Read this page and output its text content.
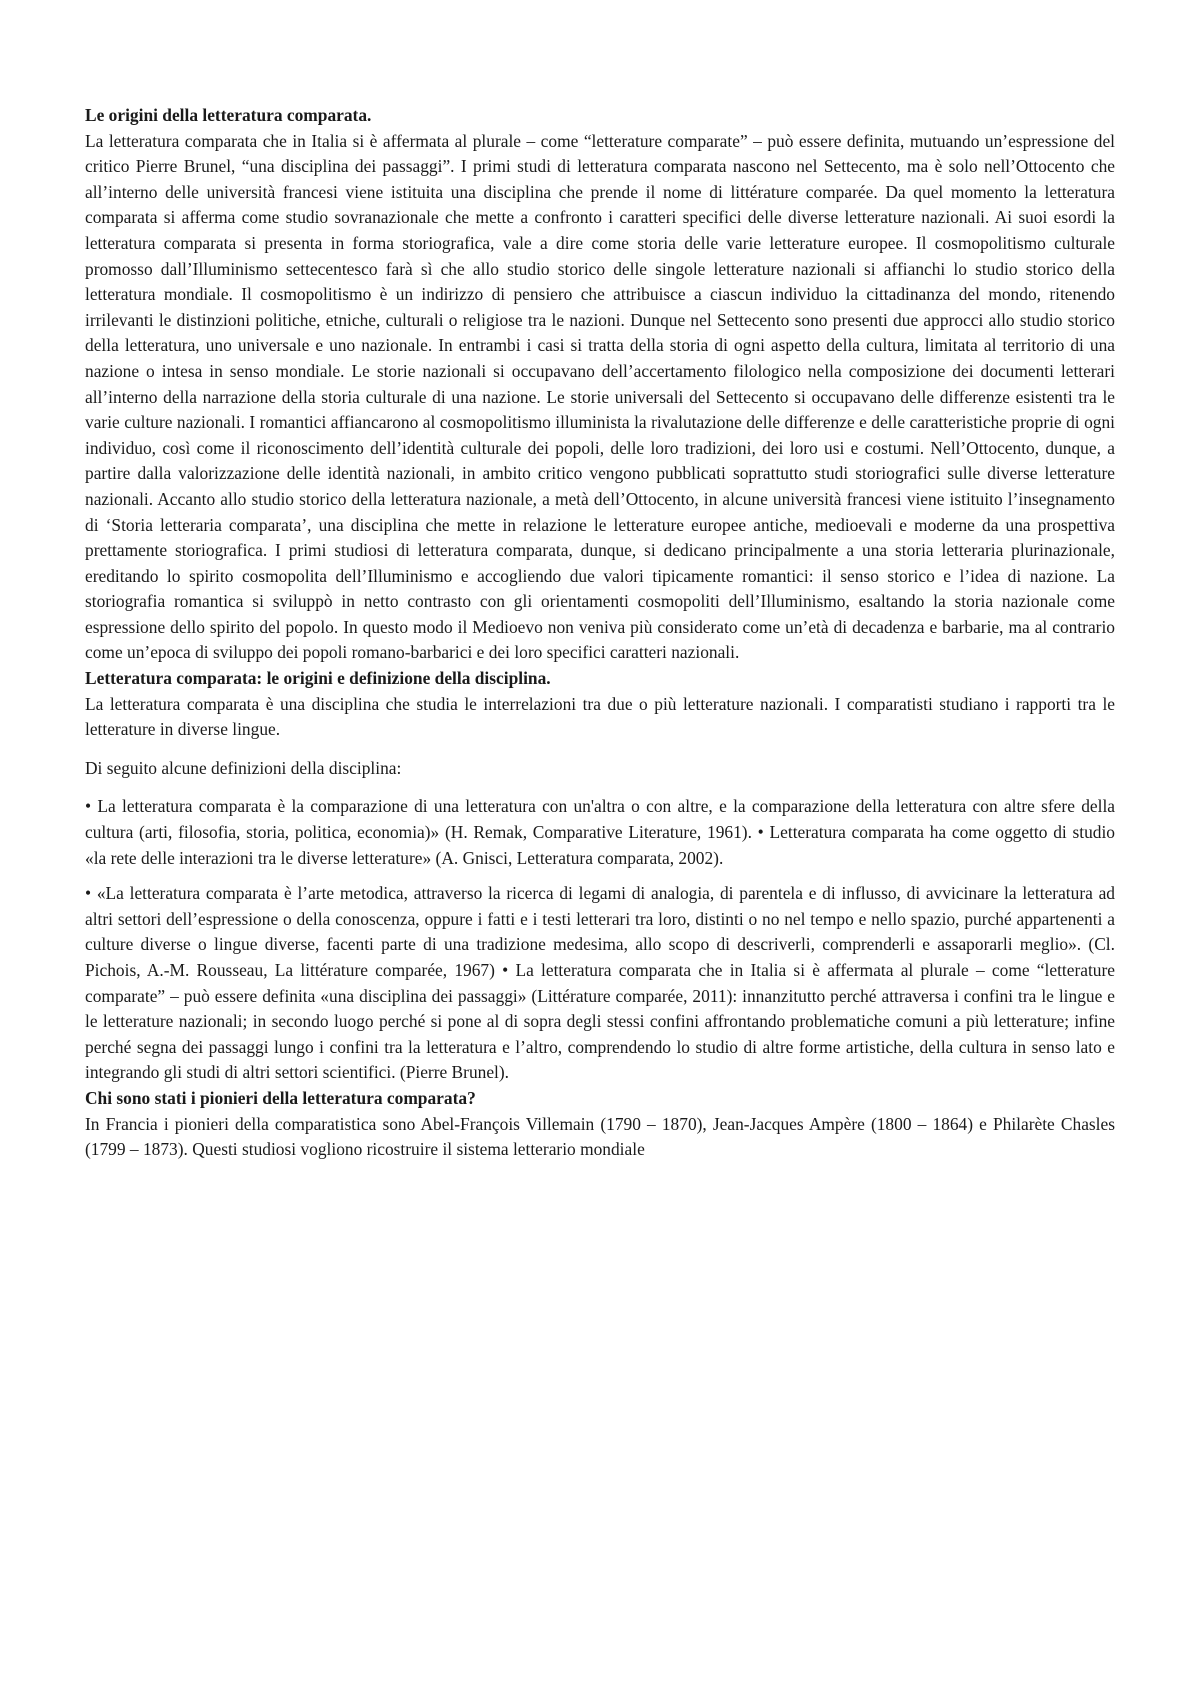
Le origini della letteratura comparata.

La letteratura comparata che in Italia si è affermata al plurale – come “letterature comparate” – può essere definita, mutuando un’espressione del critico Pierre Brunel, “una disciplina dei passaggi”. I primi studi di letteratura comparata nascono nel Settecento, ma è solo nell’Ottocento che all’interno delle università francesi viene istituita una disciplina che prende il nome di littérature comparée. Da quel momento la letteratura comparata si afferma come studio sovranazionale che mette a confronto i caratteri specifici delle diverse letterature nazionali. Ai suoi esordi la letteratura comparata si presenta in forma storiografica, vale a dire come storia delle varie letterature europee. Il cosmopolitismo culturale promosso dall’Illuminismo settecentesco farà sì che allo studio storico delle singole letterature nazionali si affianchi lo studio storico della letteratura mondiale. Il cosmopolitismo è un indirizzo di pensiero che attribuisce a ciascun individuo la cittadinanza del mondo, ritenendo irrilevanti le distinzioni politiche, etniche, culturali o religiose tra le nazioni. Dunque nel Settecento sono presenti due approcci allo studio storico della letteratura, uno universale e uno nazionale. In entrambi i casi si tratta della storia di ogni aspetto della cultura, limitata al territorio di una nazione o intesa in senso mondiale. Le storie nazionali si occupavano dell’accertamento filologico nella composizione dei documenti letterari all’interno della narrazione della storia culturale di una nazione. Le storie universali del Settecento si occupavano delle differenze esistenti tra le varie culture nazionali. I romantici affiancarono al cosmopolitismo illuminista la rivalutazione delle differenze e delle caratteristiche proprie di ogni individuo, così come il riconoscimento dell’identità culturale dei popoli, delle loro tradizioni, dei loro usi e costumi. Nell’Ottocento, dunque, a partire dalla valorizzazione delle identità nazionali, in ambito critico vengono pubblicati soprattutto studi storiografici sulle diverse letterature nazionali. Accanto allo studio storico della letteratura nazionale, a metà dell’Ottocento, in alcune università francesi viene istituito l’insegnamento di ‘Storia letteraria comparata’, una disciplina che mette in relazione le letterature europee antiche, medioevali e moderne da una prospettiva prettamente storiografica. I primi studiosi di letteratura comparata, dunque, si dedicano principalmente a una storia letteraria plurinazionale, ereditando lo spirito cosmopolita dell’Illuminismo e accogliendo due valori tipicamente romantici: il senso storico e l’idea di nazione. La storiografia romantica si sviluppò in netto contrasto con gli orientamenti cosmopoliti dell’Illuminismo, esaltando la storia nazionale come espressione dello spirito del popolo. In questo modo il Medioevo non veniva più considerato come un’età di decadenza e barbarie, ma al contrario come un’epoca di sviluppo dei popoli romano-barbarici e dei loro specifici caratteri nazionali.

Letteratura comparata: le origini e definizione della disciplina.

La letteratura comparata è una disciplina che studia le interrelazioni tra due o più letterature nazionali. I comparatisti studiano i rapporti tra le letterature in diverse lingue.

Di seguito alcune definizioni della disciplina:

• La letteratura comparata è la comparazione di una letteratura con un'altra o con altre, e la comparazione della letteratura con altre sfere della cultura (arti, filosofia, storia, politica, economia)» (H. Remak, Comparative Literature, 1961). • Letteratura comparata ha come oggetto di studio «la rete delle interazioni tra le diverse letterature» (A. Gnisci, Letteratura comparata, 2002).

• «La letteratura comparata è l’arte metodica, attraverso la ricerca di legami di analogia, di parentela e di influsso, di avvicinare la letteratura ad altri settori dell’espressione o della conoscenza, oppure i fatti e i testi letterari tra loro, distinti o no nel tempo e nello spazio, purché appartenenti a culture diverse o lingue diverse, facenti parte di una tradizione medesima, allo scopo di descriverli, comprenderli e assaporarli meglio». (Cl. Pichois, A.-M. Rousseau, La littérature comparée, 1967) • La letteratura comparata che in Italia si è affermata al plurale – come “letterature comparate” – può essere definita «una disciplina dei passaggi» (Littérature comparée, 2011): innanzitutto perché attraversa i confini tra le lingue e le letterature nazionali; in secondo luogo perché si pone al di sopra degli stessi confini affrontando problematiche comuni a più letterature; infine perché segna dei passaggi lungo i confini tra la letteratura e l’altro, comprendendo lo studio di altre forme artistiche, della cultura in senso lato e integrando gli studi di altri settori scientifici. (Pierre Brunel).

Chi sono stati i pionieri della letteratura comparata?

In Francia i pionieri della comparatistica sono Abel-François Villemain (1790 – 1870), Jean-Jacques Ampère (1800 – 1864) e Philarète Chasles (1799 – 1873). Questi studiosi vogliono ricostruire il sistema letterario mondiale
